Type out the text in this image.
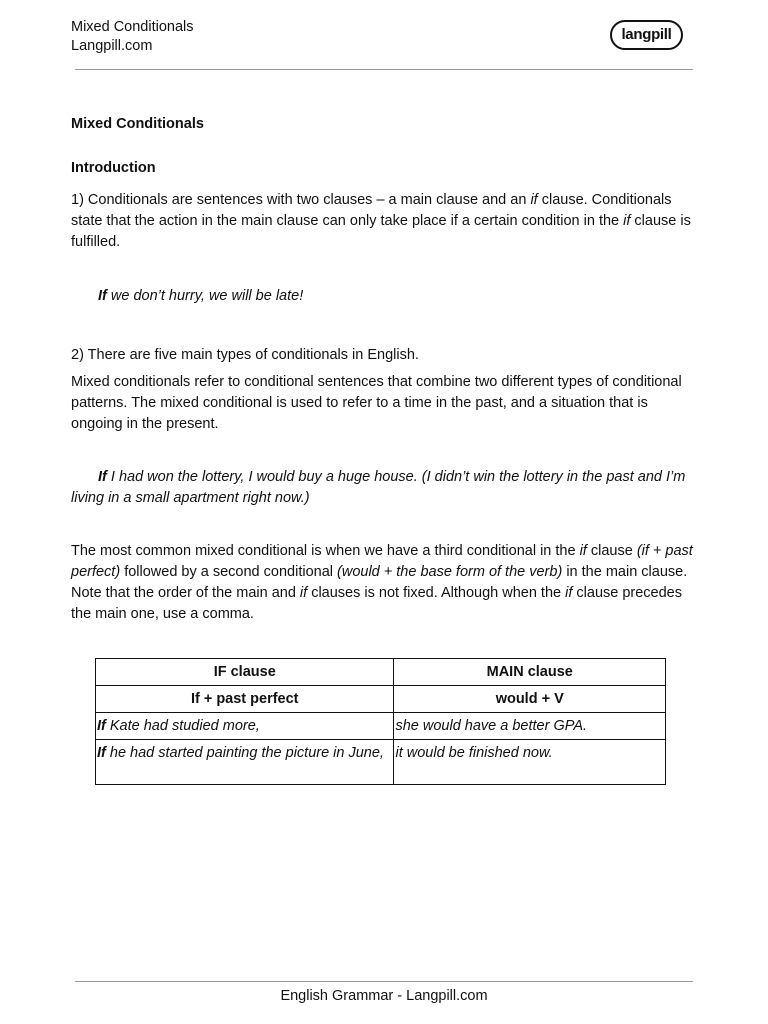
Mixed Conditionals
Langpill.com
langpill
Mixed Conditionals
Introduction
1) Conditionals are sentences with two clauses – a main clause and an if clause. Conditionals state that the action in the main clause can only take place if a certain condition in the if clause is fulfilled.
If we don’t hurry, we will be late!
2) There are five main types of conditionals in English.
Mixed conditionals refer to conditional sentences that combine two different types of conditional patterns. The mixed conditional is used to refer to a time in the past, and a situation that is ongoing in the present.
If I had won the lottery, I would buy a huge house. (I didn’t win the lottery in the past and I’m living in a small apartment right now.)
The most common mixed conditional is when we have a third conditional in the if clause (if + past perfect) followed by a second conditional (would + the base form of the verb) in the main clause. Note that the order of the main and if clauses is not fixed. Although when the if clause precedes the main one, use a comma.
IF clause	MAIN clause
If + past perfect	would + V
If Kate had studied more,	she would have a better GPA.
If he had started painting the picture in June,	it would be finished now.
English Grammar - Langpill.com
